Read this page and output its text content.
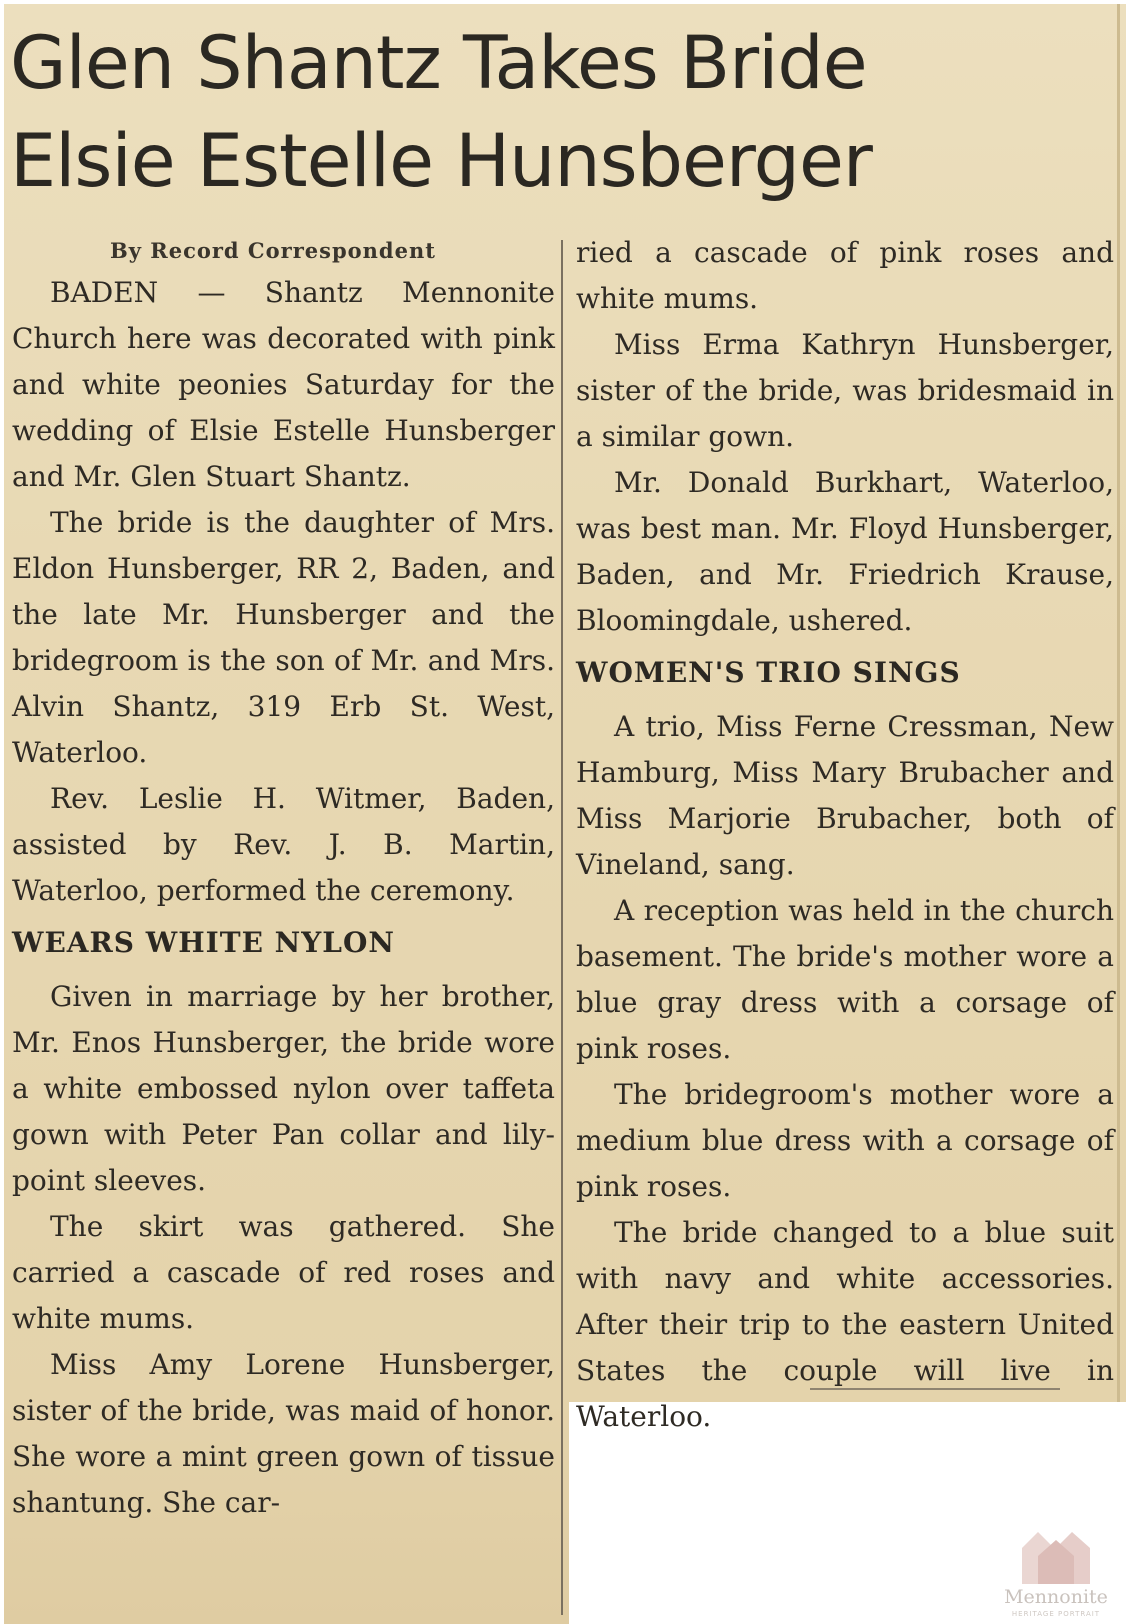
Glen Shantz Takes Bride
Elsie Estelle Hunsberger
By Record Correspondent

BADEN — Shantz Mennonite Church here was decorated with pink and white peonies Saturday for the wedding of Elsie Estelle Hunsberger and Mr. Glen Stuart Shantz.

The bride is the daughter of Mrs. Eldon Hunsberger, RR 2, Baden, and the late Mr. Hunsberger and the bridegroom is the son of Mr. and Mrs. Alvin Shantz, 319 Erb St. West, Waterloo.

Rev. Leslie H. Witmer, Baden, assisted by Rev. J. B. Martin, Waterloo, performed the ceremony.

WEARS WHITE NYLON

Given in marriage by her brother, Mr. Enos Hunsberger, the bride wore a white embossed nylon over taffeta gown with Peter Pan collar and lily-point sleeves.

The skirt was gathered. She carried a cascade of red roses and white mums.

Miss Amy Lorene Hunsberger, sister of the bride, was maid of honor. She wore a mint green gown of tissue shantung. She car-

ried a cascade of pink roses and white mums.

Miss Erma Kathryn Hunsberger, sister of the bride, was bridesmaid in a similar gown.

Mr. Donald Burkhart, Waterloo, was best man. Mr. Floyd Hunsberger, Baden, and Mr. Friedrich Krause, Bloomingdale, ushered.

WOMEN'S TRIO SINGS

A trio, Miss Ferne Cressman, New Hamburg, Miss Mary Brubacher and Miss Marjorie Brubacher, both of Vineland, sang.

A reception was held in the church basement. The bride's mother wore a blue gray dress with a corsage of pink roses.

The bridegroom's mother wore a medium blue dress with a corsage of pink roses.

The bride changed to a blue suit with navy and white accessories. After their trip to the eastern United States the couple will live in Waterloo.

Mennonite
HERITAGE PORTRAIT
